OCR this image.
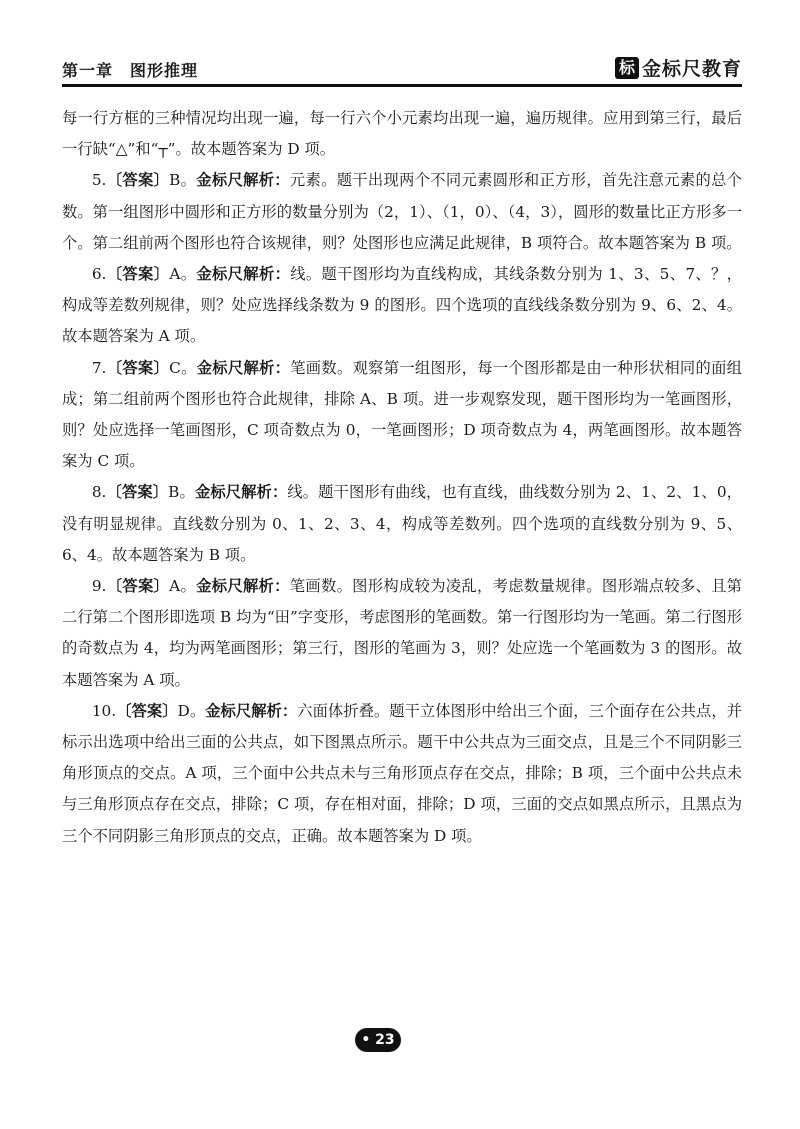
第一章　图形推理	标 金标尺教育

每一行方框的三种情况均出现一遍，每一行六个小元素均出现一遍，遍历规律。应用到第三行，最后一行缺“△”和“┬”。故本题答案为 D 项。

5.〔答案〕B。金标尺解析：元素。题干出现两个不同元素圆形和正方形，首先注意元素的总个数。第一组图形中圆形和正方形的数量分别为（2，1）、（1，0）、（4，3），圆形的数量比正方形多一个。第二组前两个图形也符合该规律，则？处图形也应满足此规律，B 项符合。故本题答案为 B 项。

6.〔答案〕A。金标尺解析：线。题干图形均为直线构成，其线条数分别为 1、3、5、7、？，构成等差数列规律，则？处应选择线条数为 9 的图形。四个选项的直线线条数分别为 9、6、2、4。故本题答案为 A 项。

7.〔答案〕C。金标尺解析：笔画数。观察第一组图形，每一个图形都是由一种形状相同的面组成；第二组前两个图形也符合此规律，排除 A、B 项。进一步观察发现，题干图形均为一笔画图形，则？处应选择一笔画图形，C 项奇数点为 0，一笔画图形；D 项奇数点为 4，两笔画图形。故本题答案为 C 项。

8.〔答案〕B。金标尺解析：线。题干图形有曲线，也有直线，曲线数分别为 2、1、2、1、0，没有明显规律。直线数分别为 0、1、2、3、4，构成等差数列。四个选项的直线数分别为 9、5、6、4。故本题答案为 B 项。

9.〔答案〕A。金标尺解析：笔画数。图形构成较为凌乱，考虑数量规律。图形端点较多、且第二行第二个图形即选项 B 均为“田”字变形，考虑图形的笔画数。第一行图形均为一笔画。第二行图形的奇数点为 4，均为两笔画图形；第三行，图形的笔画为 3，则？处应选一个笔画数为 3 的图形。故本题答案为 A 项。

10.〔答案〕D。金标尺解析：六面体折叠。题干立体图形中给出三个面，三个面存在公共点，并标示出选项中给出三面的公共点，如下图黑点所示。题干中公共点为三面交点，且是三个不同阴影三角形顶点的交点。A 项，三个面中公共点未与三角形顶点存在交点，排除；B 项，三个面中公共点未与三角形顶点存在交点，排除；C 项，存在相对面，排除；D 项，三面的交点如黑点所示，且黑点为三个不同阴影三角形顶点的交点，正确。故本题答案为 D 项。

• 23 •
